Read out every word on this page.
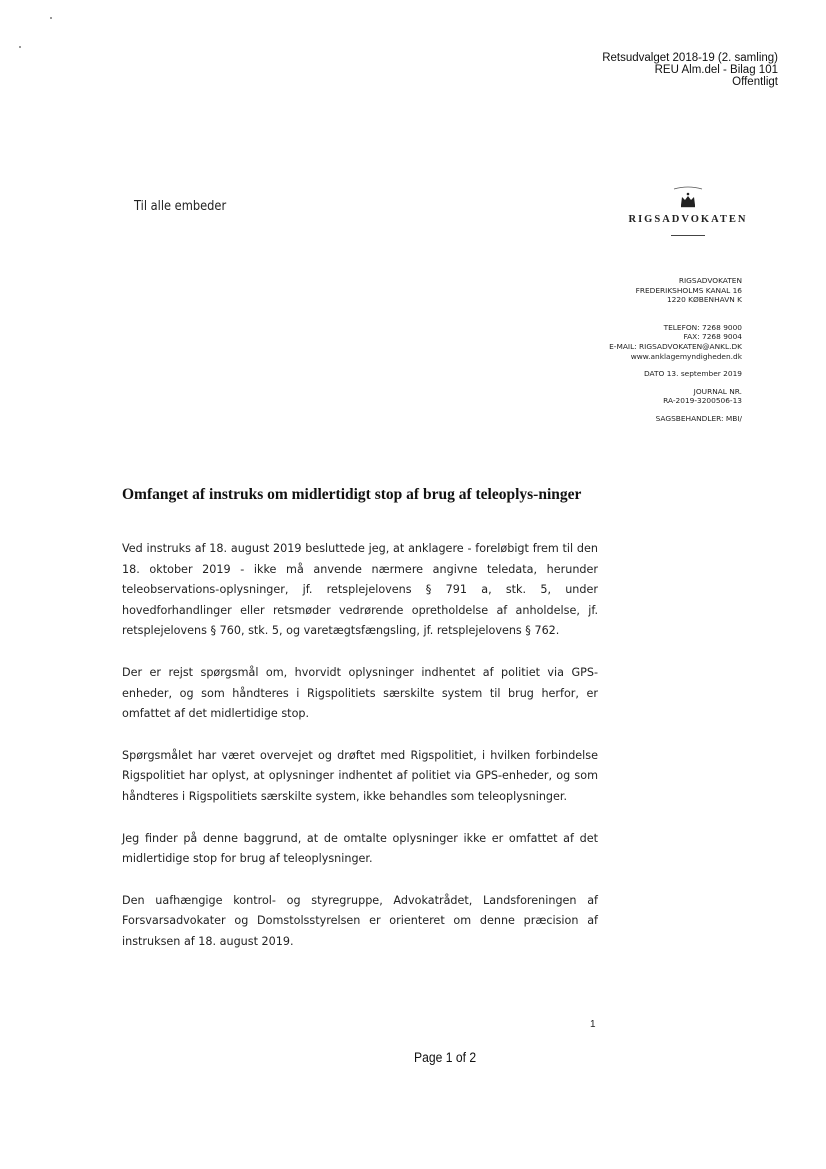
Retsudvalget 2018-19 (2. samling)
REU Alm.del - Bilag 101
Offentligt
Til alle embeder
RIGSADVOKATEN
RIGSADVOKATEN
FREDERIKSHOLMS KANAL 16
1220 KØBENHAVN K
TELEFON: 7268 9000
FAX: 7268 9004
E-MAIL: RIGSADVOKATEN@ANKL.DK
www.anklagemyndigheden.dk
DATO 13. september 2019
JOURNAL NR.
RA-2019-3200506-13
SAGSBEHANDLER: MBI/
Omfanget af instruks om midlertidigt stop af brug af teleoplys-ninger

Ved instruks af 18. august 2019 besluttede jeg, at anklagere - foreløbigt frem til den 18. oktober 2019 - ikke må anvende nærmere angivne teledata, herunder teleobservations-oplysninger, jf. retsplejelovens § 791 a, stk. 5, under hovedforhandlinger eller retsmøder vedrørende opretholdelse af anholdelse, jf. retsplejelovens § 760, stk. 5, og varetægtsfængsling, jf. retsplejelovens § 762.

Der er rejst spørgsmål om, hvorvidt oplysninger indhentet af politiet via GPS-enheder, og som håndteres i Rigspolitiets særskilte system til brug herfor, er omfattet af det midlertidige stop.

Spørgsmålet har været overvejet og drøftet med Rigspolitiet, i hvilken forbindelse Rigspolitiet har oplyst, at oplysninger indhentet af politiet via GPS-enheder, og som håndteres i Rigspolitiets særskilte system, ikke behandles som teleoplysninger.

Jeg finder på denne baggrund, at de omtalte oplysninger ikke er omfattet af det midlertidige stop for brug af teleoplysninger.

Den uafhængige kontrol- og styregruppe, Advokatrådet, Landsforeningen af Forsvarsadvokater og Domstolsstyrelsen er orienteret om denne præcision af instruksen af 18. august 2019.

1
Page 1 of 2
